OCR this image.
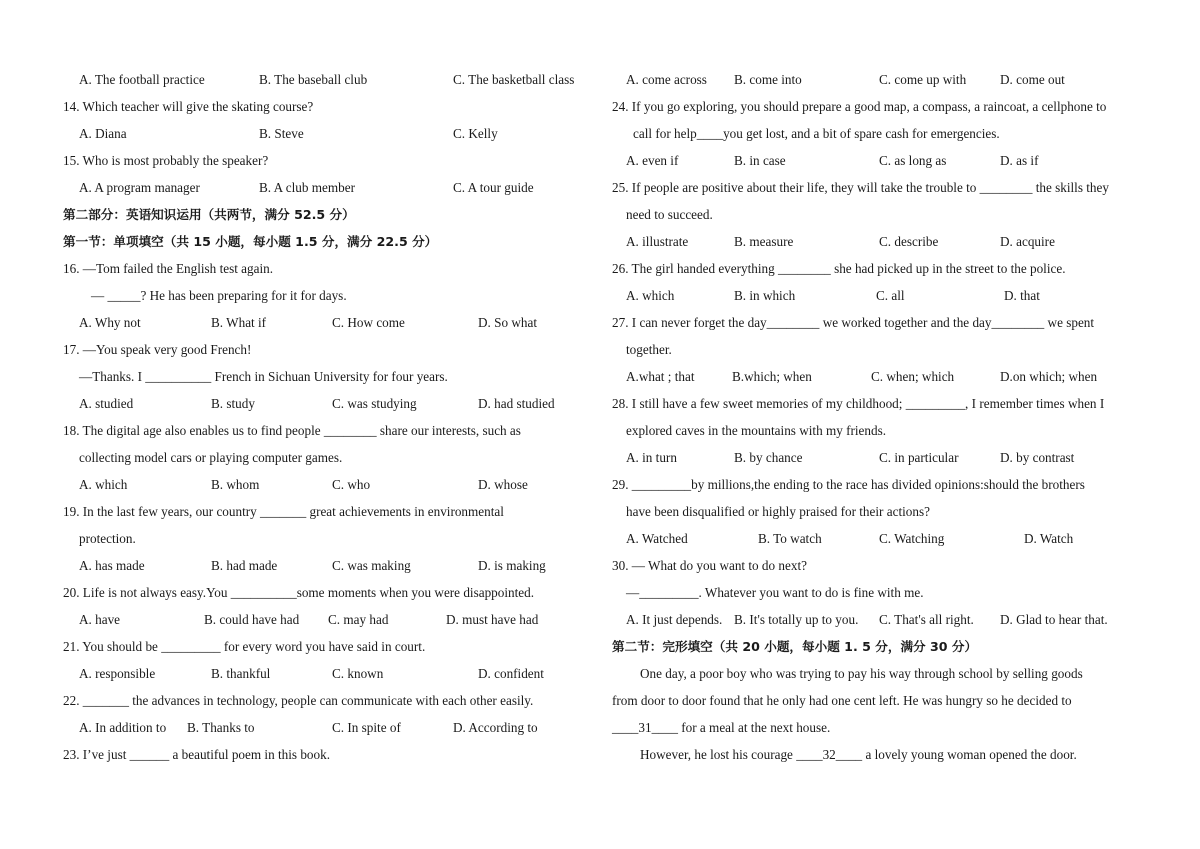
A. The football practice	B. The baseball club	C. The basketball class
14. Which teacher will give the skating course?
A. Diana	B. Steve	C. Kelly
15. Who is most probably the speaker?
A. A program manager	B. A club member	C. A tour guide
第二部分：英语知识运用（共两节，满分 52.5 分）
第一节：单项填空（共 15 小题，每小题 1.5 分，满分 22.5 分）
16. —Tom failed the English test again.
— _____? He has been preparing for it for days.
A. Why not	B. What if	C. How come	D. So what
17. —You speak very good French!
—Thanks. I __________ French in Sichuan University for four years.
A. studied	B. study	C. was studying	D. had studied
18. The digital age also enables us to find people ________ share our interests, such as
collecting model cars or playing computer games.
A. which	B. whom	C. who	D. whose
19. In the last few years, our country _______ great achievements in environmental
protection.
A. has made	B. had made	C. was making	D. is making
20. Life is not always easy.You __________some moments when you were disappointed.
A. have	B. could have had C. may had	D. must have had
21. You should be _________ for every word you have said in court.
A. responsible	B. thankful	C. known	D. confident
22. _______ the advances in technology, people can communicate with each other easily.
A. In addition to B. Thanks to	C. In spite of	D. According to
23. I’ve just ______ a beautiful poem in this book.
A. come across B. come into	C. come up with	D. come out
24. If you go exploring, you should prepare a good map, a compass, a raincoat, a cellphone to
call for help____you get lost, and a bit of spare cash for emergencies.
A. even if	B. in case	C. as long as	D. as if
25. If people are positive about their life, they will take the trouble to ________ the skills they
need to succeed.
A. illustrate	B. measure	C. describe	D. acquire
26. The girl handed everything ________ she had picked up in the street to the police.
A. which	B. in which	C. all	D. that
27. I can never forget the day________ we worked together and the day________ we spent
together.
A.what ; that	B.which; when	C. when; which	D.on which; when
28. I still have a few sweet memories of my childhood; _________, I remember times when I
explored caves in the mountains with my friends.
A. in turn	B. by chance	C. in particular	D. by contrast
29. _________by millions,the ending to the race has divided opinions:should the brothers
have been disqualified or highly praised for their actions?
A. Watched	B. To watch	C. Watching	D. Watch
30. — What do you want to do next?
—_________. Whatever you want to do is fine with me.
A. It just depends. B. It's totally up to you. C. That's all right. D. Glad to hear that.
第二节：完形填空（共 20 小题，每小题 1. 5 分，满分 30 分）
One day, a poor boy who was trying to pay his way through school by selling goods
from door to door found that he only had one cent left. He was hungry so he decided to
____31____ for a meal at the next house.
However, he lost his courage ____32____ a lovely young woman opened the door.
